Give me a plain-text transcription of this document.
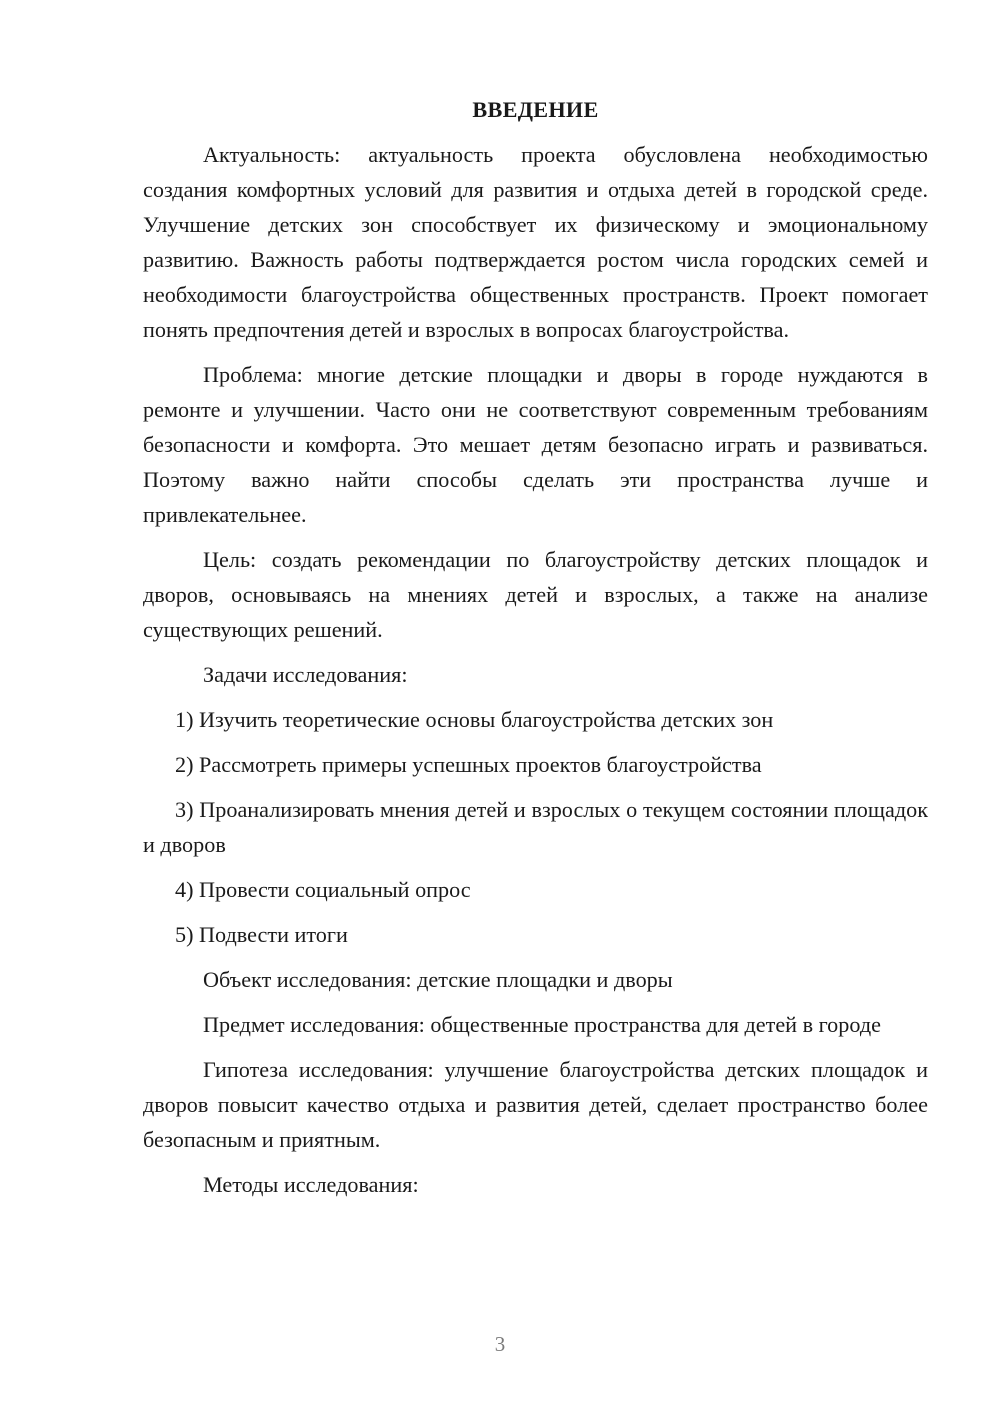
ВВЕДЕНИЕ

Актуальность: актуальность проекта обусловлена необходимостью создания комфортных условий для развития и отдыха детей в городской среде. Улучшение детских зон способствует их физическому и эмоциональному развитию. Важность работы подтверждается ростом числа городских семей и необходимости благоустройства общественных пространств. Проект помогает понять предпочтения детей и взрослых в вопросах благоустройства.

Проблема: многие детские площадки и дворы в городе нуждаются в ремонте и улучшении. Часто они не соответствуют современным требованиям безопасности и комфорта. Это мешает детям безопасно играть и развиваться. Поэтому важно найти способы сделать эти пространства лучше и привлекательнее.

Цель: создать рекомендации по благоустройству детских площадок и дворов, основываясь на мнениях детей и взрослых, а также на анализе существующих решений.

Задачи исследования:

1) Изучить теоретические основы благоустройства детских зон

2) Рассмотреть примеры успешных проектов благоустройства

3) Проанализировать мнения детей и взрослых о текущем состоянии площадок и дворов

4) Провести социальный опрос

5) Подвести итоги

Объект исследования: детские площадки и дворы

Предмет исследования: общественные пространства для детей в городе

Гипотеза исследования: улучшение благоустройства детских площадок и дворов повысит качество отдыха и развития детей, сделает пространство более безопасным и приятным.

Методы исследования:

3
